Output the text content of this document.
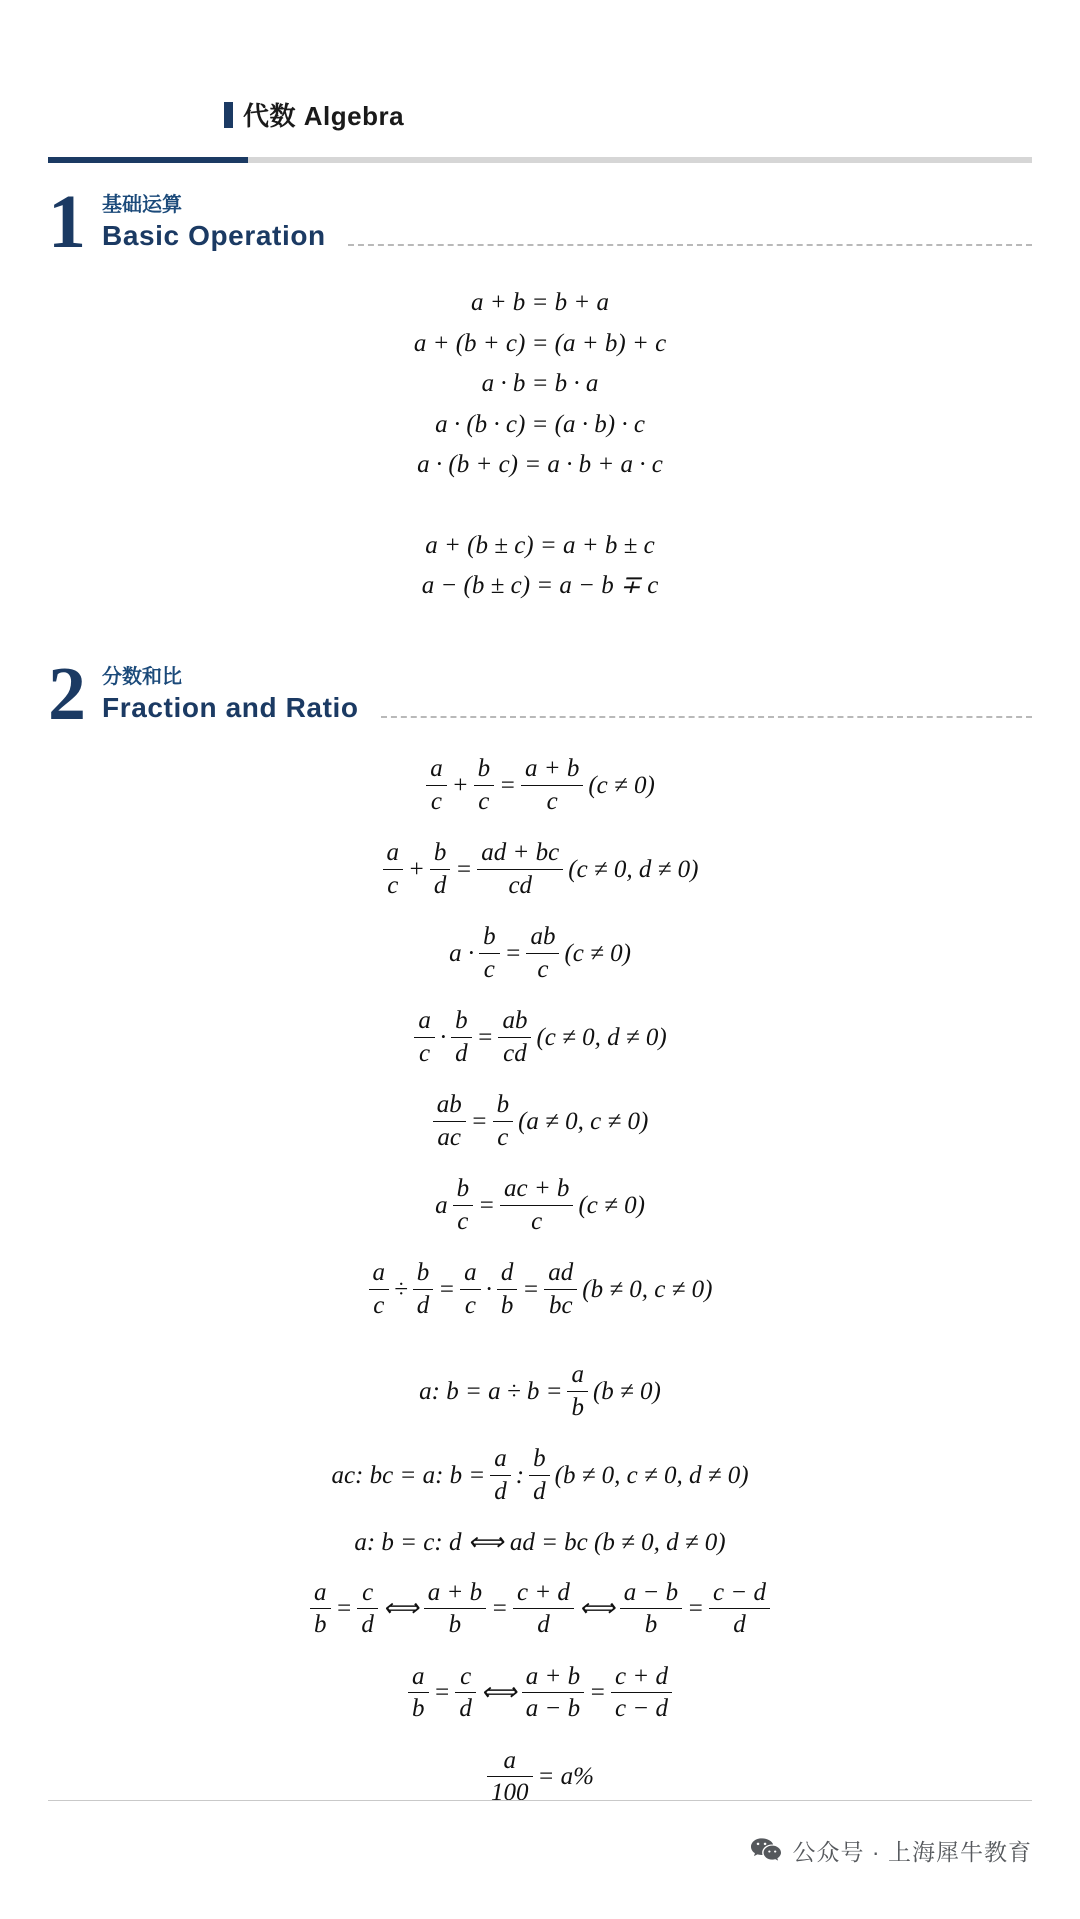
代数 Algebra
1 基础运算
Basic Operation
a + b = b + a
a + (b + c) = (a + b) + c
a · b = b · a
a · (b · c) = (a · b) · c
a · (b + c) = a · b + a · c
a + (b ± c) = a + b ± c
a − (b ± c) = a − b ∓ c
2 分数和比
Fraction and Ratio
$\frac{a}{c} + \frac{b}{c} = \frac{a + b}{c} (c \ne 0)$
$\frac{a}{c} + \frac{b}{d} = \frac{ad + bc}{cd} (c \ne 0$, d ≠ 0)
$a \cdot \frac{b}{c} = \frac{ab}{c} (c \ne 0)$
$\frac{a}{c} \cdot \frac{b}{d} = \frac{ab}{cd} (c \ne 0$, d ≠ 0)
$\frac{ab}{ac} = \frac{b}{c} (a \ne 0$, c ≠ 0)
a $\frac{b}{c} = \frac{ac + b}{c} (c \ne 0)$
$\frac{a}{c} \div \frac{b}{d} = \frac{a}{c} \cdot \frac{d}{b} = \frac{ad}{bc} (b \ne 0$, c ≠ 0)
a: $b = a \div b = \frac{a}{b} (b \ne 0)$
ac: bc = a: $b = \frac{a}{d}$ : $\frac{b}{d} (b \ne 0$, c ≠ 0, d ≠ 0)
a: b = c: d ⟺ ad = bc (b ≠ 0, d ≠ 0)
$\frac{a}{b} = \frac{c}{d}$ ⟺ $\frac{a + b}{b} = \frac{c + d}{d}$ ⟺ $\frac{a - b}{b} = \frac{c - d}{d}$
$\frac{a}{b} = \frac{c}{d}$ ⟺ $\frac{a + b}{a - b} = \frac{c + d}{c - d}$
$\frac{a}{100} = a\%$
公众号 · 上海犀牛教育
